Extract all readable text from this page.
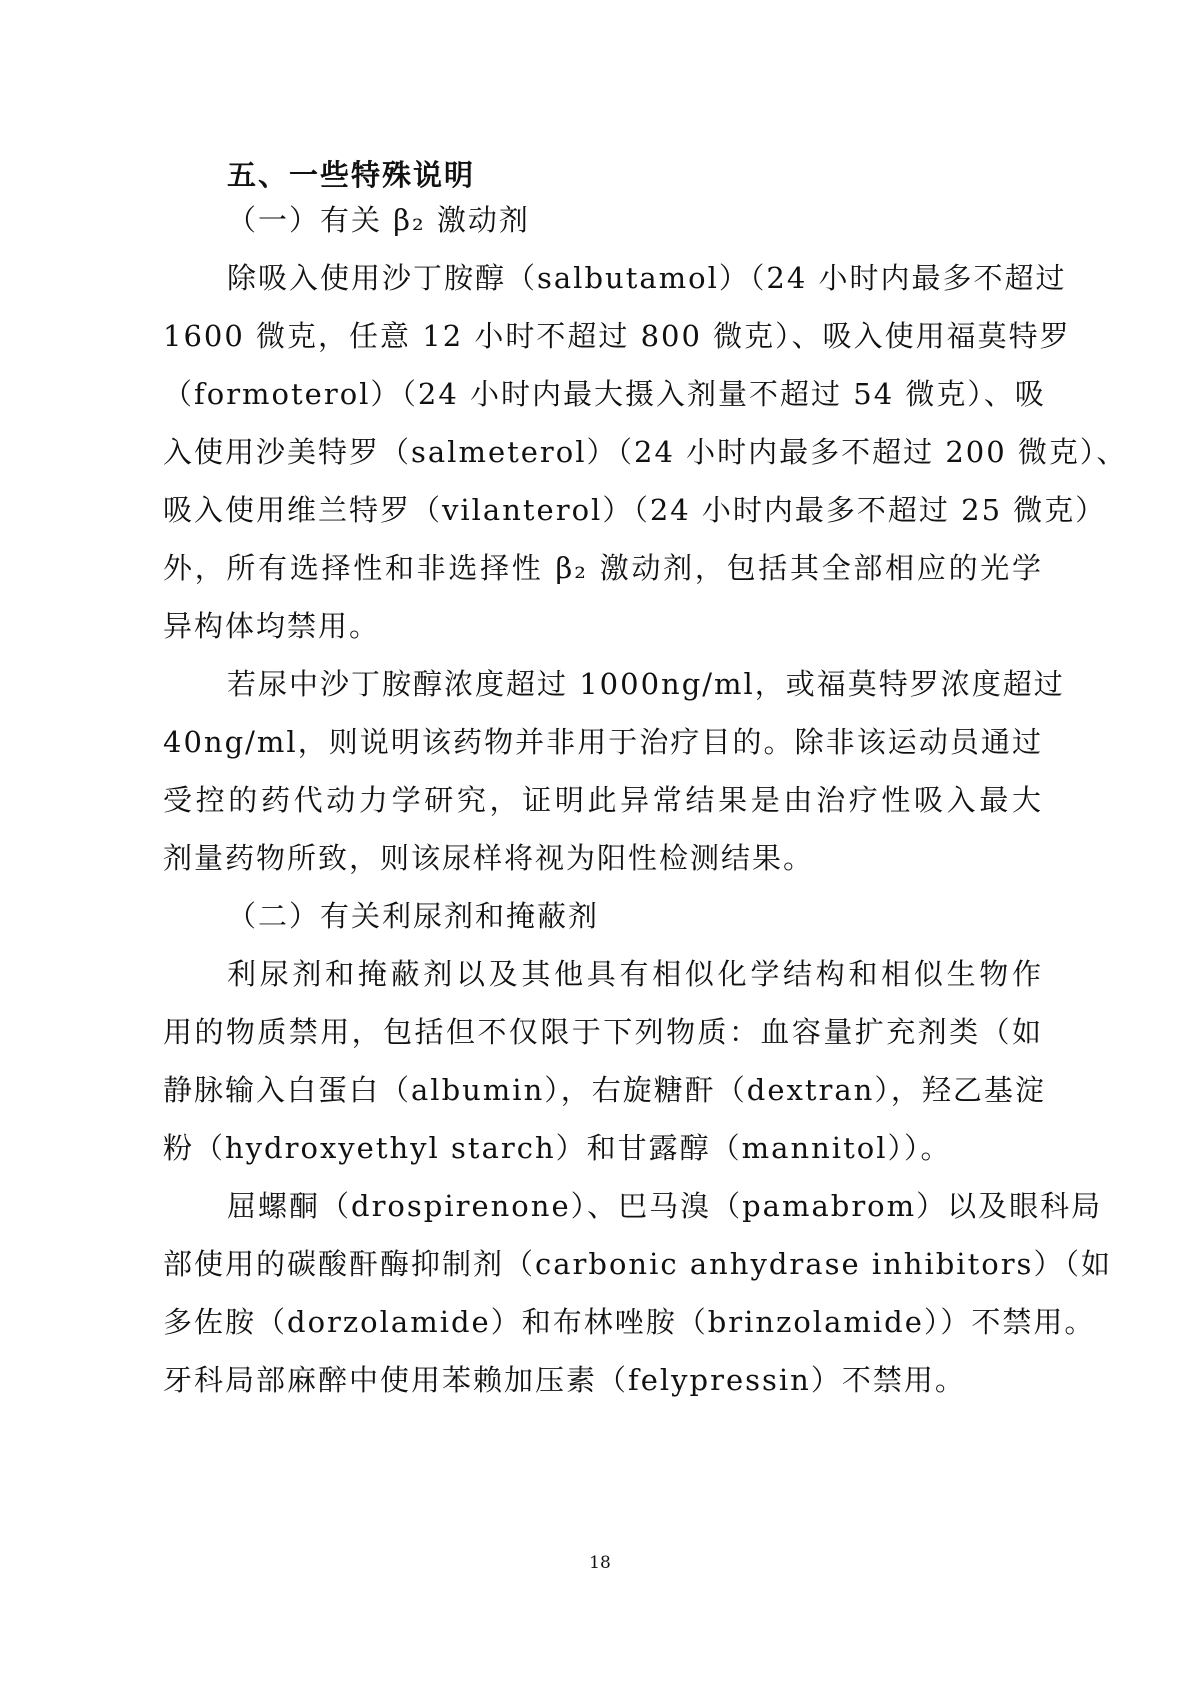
五、一些特殊说明
（一）有关 β₂ 激动剂
除吸入使用沙丁胺醇（salbutamol）（24 小时内最多不超过
1600 微克，任意 12 小时不超过 800 微克）、吸入使用福莫特罗
（formoterol）（24 小时内最大摄入剂量不超过 54 微克）、吸
入使用沙美特罗（salmeterol）（24 小时内最多不超过 200 微克）、
吸入使用维兰特罗（vilanterol）（24 小时内最多不超过 25 微克）
外，所有选择性和非选择性 β₂ 激动剂，包括其全部相应的光学
异构体均禁用。
若尿中沙丁胺醇浓度超过 1000ng/ml，或福莫特罗浓度超过
40ng/ml，则说明该药物并非用于治疗目的。除非该运动员通过
受控的药代动力学研究，证明此异常结果是由治疗性吸入最大
剂量药物所致，则该尿样将视为阳性检测结果。
（二）有关利尿剂和掩蔽剂
利尿剂和掩蔽剂以及其他具有相似化学结构和相似生物作
用的物质禁用，包括但不仅限于下列物质：血容量扩充剂类（如
静脉输入白蛋白（albumin），右旋糖酐（dextran），羟乙基淀
粉（hydroxyethyl starch）和甘露醇（mannitol））。
屈螺酮（drospirenone）、巴马溴（pamabrom）以及眼科局
部使用的碳酸酐酶抑制剂（carbonic anhydrase inhibitors）（如
多佐胺（dorzolamide）和布林唑胺（brinzolamide））不禁用。
牙科局部麻醉中使用苯赖加压素（felypressin）不禁用。
18
